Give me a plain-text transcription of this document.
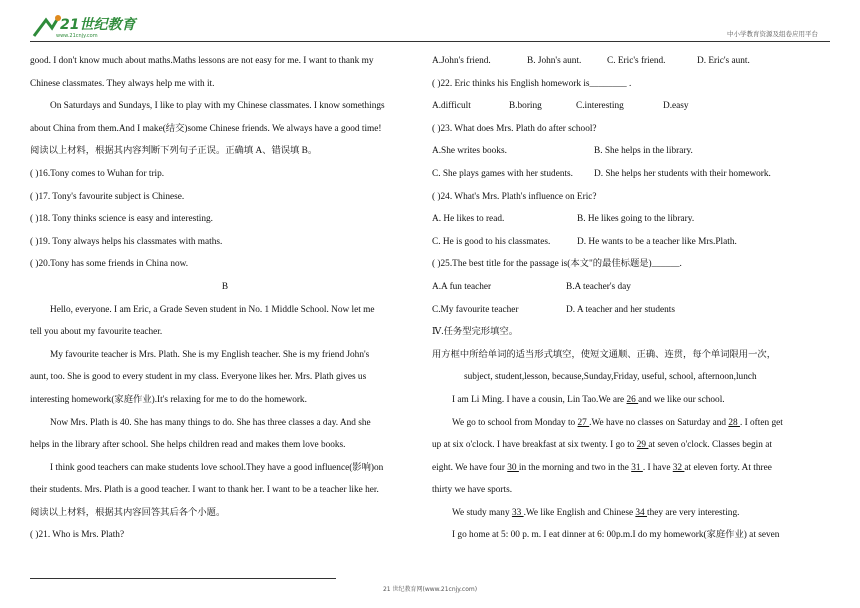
21世纪教育
www.21cnjy.com	中小学教育资源及组卷应用平台
good. I don't know much about maths.Maths lessons are not easy for me. I want to thank my
Chinese classmates. They always help me with it.
On Saturdays and Sundays, I like to play with my Chinese classmates. I know somethings
about China from them.And I make(结交)some Chinese friends. We always have a good time!
阅读以上材料，根据其内容判断下列句子正误。正确填 A、错误填 B。
( )16.Tony comes to Wuhan for trip.
( )17. Tony's favourite subject is Chinese.
( )18. Tony thinks science is easy and interesting.
( )19. Tony always helps his classmates with maths.
( )20.Tony has some friends in China now.
B
Hello, everyone. I am Eric, a Grade Seven student in No. 1 Middle School. Now let me
tell you about my favourite teacher.
My favourite teacher is Mrs. Plath. She is my English teacher. She is my friend John's
aunt, too. She is good to every student in my class. Everyone likes her. Mrs. Plath gives us
interesting homework(家庭作业).It's relaxing for me to do the homework.
Now Mrs. Plath is 40. She has many things to do. She has three classes a day. And she
helps in the library after school. She helps children read and makes them love books.
I think good teachers can make students love school.They have a good influence(影响)on
their students. Mrs. Plath is a good teacher. I want to thank her. I want to be a teacher like her.
阅读以上材料，根据其内容回答其后各个小题。
( )21. Who is Mrs. Plath?
A.John's friend.	B. John's aunt.	C. Eric's friend.	D. Eric's aunt.
( )22. Eric thinks his English homework is________ .
A.difficult	B.boring	C.interesting	D.easy
( )23. What does Mrs. Plath do after school?
A.She writes books.	B. She helps in the library.
C. She plays games with her students. D. She helps her students with their homework.
( )24. What's Mrs. Plath's influence on Eric?
A. He likes to read.	B. He likes going to the library.
C. He is good to his classmates.	D. He wants to be a teacher like Mrs.Plath.
( )25.The best title for the passage is(本文"的最佳标题是)______.
A.A fun teacher	B.A teacher's day
C.My favourite teacher	D. A teacher and her students
Ⅳ.任务型完形填空。
用方框中所给单词的适当形式填空，使短文通顺、正确、连贯，每个单词限用一次，
subject, student,lesson, because,Sunday,Friday, useful, school, afternoon,lunch
I am Li Ming. I have a cousin, Lin Tao.We are 26 and we like our school.
We go to school from Monday to 27 .We have no classes on Saturday and 28 . I often get
up at six o'clock. I have breakfast at six twenty. I go to 29 at seven o'clock. Classes begin at
eight. We have four 30 in the morning and two in the 31 . I have 32 at eleven forty. At three
thirty we have sports.
We study many 33 .We like English and Chinese 34 they are very interesting.
I go home at 5: 00 p. m. I eat dinner at 6: 00p.m.I do my homework(家庭作业) at seven
21 世纪教育网(www.21cnjy.com)
